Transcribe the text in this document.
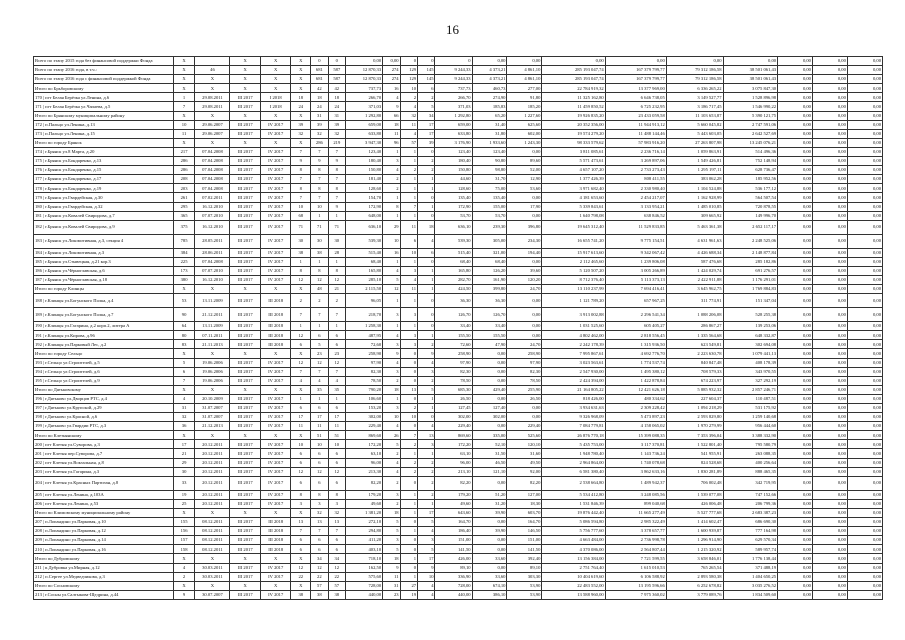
16
Всего по этапу 2015 года без финансовой поддержки Фонда	X		X	X	X	0	0	0,00	0,00	0	0	0	0,00	0,00	0,00	0,00	0,00	0,00	0,00	0,00	0,00
Всего по этапу 2016 года, в т.ч.:	X	46	X	X	X	681	587	12 870,33	274	129	145	9 244,33	4 373,21	4 861,10	285 193 047,74	167 379 799,77	79 312 186,58	38 501 061,43	0,00	0,00	0,00
Всего по этапу 2016 года с финансовой поддержкой Фонда	X	X	X	X	X	681	587	12 870,33	274	129	145	9 244,33	4 373,21	4 861,10	285 193 047,74	167 379 799,77	79 312 186,58	38 501 061,43	0,00	0,00	0,00
Итого по Брьборовскому	X	X	X	X	X	42	42	737,73	16	10	6	737,73	460,73	277,00	22 784 919,32	13 377 969,00	6 336 265,22	3 075 847,30	0,00	0,00	0,00
170 | пгт Белая Берёзка ул.Ленина, д.6	1	29.08.2011	III 2017	I 2018	18	18	18	266,70	4	2	2	266,70	274,90	91,80	11 325 162,80	6 646 738,05	3 149 527,77	1 528 896,98	0,00	0,00	0,00
171 | пгт Белая Берёзка ул.Чапаева, д.5	7	29.08.2011	III 2017	I 2018	24	24	24	371,03	9	4	5	371,03	185,83	185,20	11 459 850,52	6 725 232,95	3 186 717,45	1 546 990,22	0,00	0,00	0,00
Итого по Брянскому муниципальному району	X	X	X	X	X	31	31	1 292,80	66	32	34	1 292,80	65,20	1 227,60	19 926 835,20	23 433 059,58	11 103 653,87	5 390 121,75	0,00	0,00	0,00
172 | п.Пальцо ул.Ленина, д.13	10	29.06.2007	III 2017	IV 2017	39	39	39	659,00	18	11	17	659,00	31,40	625,60	20 352 356,00	11 944 913,12	5 660 045,82	2 747 591,06	0,00	0,00	0,00
173 | п.Пальцо ул.Ленина, д.15	11	29.06.2007	III 2017	IV 2017	32	32	32	633,80	11	4	17	633,80	31,80	602,00	19 574 279,20	11 488 144,46	5 443 603,05	2 642 527,69	0,00	0,00	0,00
Итого по городу Брянск	X	X	X	X	X	286	219	3 947,30	96	57	39	3 176,90	1 933,60	1 243,30	98 333 579,62	57 983 916,20	27 263 807,98	13 245 076,21	0,00	0,00	0,00
174 | г.Брянск ул.8 Марта, д.20	217	07.04.2008	III 2017	IV 2017	7	7	7	123,40	1	1	0	123,40	123,40	0,00	3 811 085,61	2 236 716,14	1 059 863,91	514 496,36	0,00	0,00	0,00
175 | г.Брянск ул.Бондаренко, д.13	286	07.04.2008	III 2017	IV 2017	9	9	9	180,40	3	1	2	180,40	90,80	89,60	5 571 473,61	3 269 897,06	1 549 426,81	752 148,94	0,00	0,00	0,00
176 | г.Брянск ул.Бондаренко, д.15	286	07.04.2008	III 2017	IV 2017	8	8	8	150,80	4	2	2	150,80	98,80	52,00	4 657 107,20	2 733 273,43	1 295 197,11	628 736,47	0,00	0,00	0,00
177 | г.Брянск ул.Бондаренко, д.17	208	07.04.2008	III 2017	IV 2017	7	7	7	181,40	2	1	1	44,60	31,70	12,90	1 377 426,39	808 411,55	383 062,28	185 952,56	0,00	0,00	0,00
178 | г.Брянск ул.Бондаренко, д.19	203	07.04.2008	III 2017	IV 2017	8	8	8	128,60	2	1	1	128,60	75,00	53,60	3 971 682,40	2 330 980,40	1 104 524,88	536 177,12	0,00	0,00	0,00
179 | г.Брянск ул.Гвардейская, д.30	261	07.02.2011	III 2017	IV 2017	7	7	7	154,70	1	1	0	135,40	135,40	0,00	4 181 653,60	2 454 217,07	1 162 928,99	564 507,54	0,00	0,00	0,00
180 | г.Брянск ул.Гвардейская, д.32	295	16.12.2010	III 2017	IV 2017	10	10	9	172,90	8	7	1	172,90	155,00	17,90	5 339 843,61	3 133 954,21	1 485 010,85	720 878,55	0,00	0,00	0,00
181 | г.Брянск ул.Ковалей Свиридова, д.7	365	07.07.2010	III 2017	IV 2017	68	1	1	648,00	1	1	0	53,70	53,70	0,00	1 640 798,08	638 846,52	309 665,92	149 996,70	0,00	0,00	0,00
182 | г.Брянск ул.Ковалей Свиридова, д.9	375	16.12.2010	III 2017	IV 2017	71	71	71	636,10	29	11	18	636,10	239,30	396,80	19 645 312,40	11 529 833,85	5 463 361,38	2 652 117,17	0,00	0,00	0,00
183 | г.Брянск ул.Локомотивная, д.3, секция 4	785	28.05.2011	III 2017	IV 2017	30	30	30	539,30	10	6	4	539,30	305,00	234,30	16 655 741,20	9 775 154,51	4 631 961,63	2 248 525,06	0,00	0,00	0,00
184 | г.Брянск ул.Локомотивная, д.3	384	28.06.2011	III 2017	IV 2017	38	38	28	515,40	16	10	6	515,40	321,00	194,40	15 917 613,60	9 342 067,42	4 426 688,34	2 148 877,84	0,00	0,00	0,00
185 | г.Брянск ул.Стывецкая, д.21 кор.3	225	07.04.2008	III 2017	IV 2017	1	1	1	68,40	1	1	0	68,40	68,40	0,00	2 112 465,60	1 239 806,08	587 476,68	285 182,86	0,00	0,00	0,00
186 | г.Брянск ул.Чёрноглавская, д.6	173	07.07.2010	III 2017	IV 2017	8	8	8	165,80	4	3	1	165,80	126,20	39,60	5 120 507,20	3 005 266,89	1 424 029,74	691 276,57	0,00	0,00	0,00
187 | г.Брянск ул.Чёрноглавская, д.18	380	16.12.2010	III 2017	IV 2017	12	12	12	285,10	5	4	1	282,70	161,90	120,20	8 712 376,40	5 113 373,13	2 422 911,88	1 176 291,01	0,00	0,00	0,00
Итого по городу Клинцы	X	X	X	X	X	48	21	2 115,50	12	11	1	424,50	399,80	24,70	13 110 237,99	7 694 416,41	3 645 962,75	1 769 884,83	0,00	0,00	0,00
188 | г.Клинцы ул.Богунского Полка, д.4	53	13.11.2009	III 2017	III 2018	2	2	2	96,05	1	1	0	36,30	36,30	0,00	1 121 789,20	657 967,25	311 774,91	151 347,04	0,00	0,00	0,00
189 | г.Клинцы ул.Богунского Полка, д.7	90	21.12.2011	III 2017	III 2018	7	7	7	218,70	3	3	0	126,70	126,70	0,00	3 913 002,88	2 296 541,34	1 088 206,08	528 255,38	0,00	0,00	0,00
190 | г.Клинцы ул.Гагарина, д.2 корп.2, литера А	64	13.11.2009	III 2017	III 2018	1	1	1	1 258,30	1	1	0	33,40	33,40	0,00	1 031 525,60	605 405,27	286 867,27	139 253,06	0,00	0,00	0,00
191 | г.Клинцы ул.Кирова, д.96	80	07.11.2011	III 2017	III 2018	12	6	6	487,95	4	3	1	155,50	155,50	0,00	4 802 462,00	2 818 556,45	1 335 564,68	648 332,87	0,00	0,00	0,00
192 | г.Клинцы ул.Парковый Лес, д.2	83	21.11.2013	III 2017	III 2018	6	5	6	72,60	3	3	2	72,60	47,90	24,70	2 242 178,39	1 315 936,50	623 549,81	302 694,08	0,00	0,00	0,00
Итого по городу Сельцо	X	X	X	X	X	23	23	258,90	9	0	9	258,90	0,00	258,90	7 995 867,61	4 692 776,70	2 223 630,78	1 079 441,13	0,00	0,00	0,00
193 | г.Сельцо ул.Строителей, д.5	5	19.06.2006	III 2017	IV 2017	12	12	12	97,90	4	0	4	97,90	0,00	97,90	3 023 563,61	1 774 537,74	840 847,48	408 178,39	0,00	0,00	0,00
194 | г.Сельцо ул.Строителей, д.6	6	19.06.2006	III 2017	IV 2017	7	7	7	82,30	3	0	3	82,30	0,00	82,30	2 547 930,00	1 495 380,12	708 579,33	343 970,55	0,00	0,00	0,00
195 | г.Сельцо ул.Строителей, д.9	7	19.06.2006	III 2017	IV 2017	4	4	4	78,50	2	0	2	78,50	0,00	78,50	2 424 394,00	1 422 878,84	674 223,97	327 292,19	0,00	0,00	0,00
Итого по Дятьковскому	X	X	X	X	X	35	35	790,20	18	13	5	685,30	429,40	255,90	21 164 805,22	12 421 626,18	5 885 932,32	2 857 246,71	0,00	0,00	0,00
196 | г.Дятьково ул.Дворцов РТС, д.4	4	20.10.2009	III 2017	IV 2017	1	1	1	106,60	1	0	1	26,50	0,00	26,50	818 426,00	480 334,62	227 604,37	110 487,51	0,00	0,00	0,00
197 | г.Дятьково ул.Крупской, д.29	31	31.07.2007	III 2017	IV 2017	6	6	6	153,20	3	2	1	127,45	127,40	0,00	3 934 631,63	2 309 228,42	1 094 218,29	531 175,92	0,00	0,00	0,00
198 | г.Дятьково ул.Красной, д.6	32	31.07.2007	III 2017	IV 2017	17	17	17	302,00	10	10	0	302,00	302,00	0,00	9 326 968,09	5 473 897,23	2 593 829,80	1 259 140,68	0,00	0,00	0,00
199 | г.Дятьково ул.Гвардии РТС, д.3	36	21.12.2013	III 2017	IV 2017	11	11	11	229,40	4	0	4	229,40	0,00	229,40	7 084 779,81	4 158 065,02	1 970 279,99	956 444,60	0,00	0,00	0,00
Итого по Клетнянскому	X	X	X	X	X	51	51	869,60	26	7	13	869,60	335,00	525,60	26 876 770,18	15 399 088,35	7 353 396,04	3 388 332,90	0,00	0,00	0,00
200 | пгт Клетня ул.Суворова, д.3	17	20.12.2011	III 2017	IV 2017	10	10	10	172,20	5	2	3	172,20	52,10	120,10	5 435 753,00	3 117 370,81	1 522 801,40	795 580,79	0,00	0,00	0,00
201 | пгт Клетня пер.Суворова, д.7	21	20.12.2011	III 2017	IV 2017	6	6	6	63,10	2	1	1	63,10	31,50	31,60	1 948 780,40	1 143 736,24	541 955,91	263 088,35	0,00	0,00	0,00
202 | пгт Клетня ул.Вокзальная, д.8	29	20.12.2011	III 2017	IV 2017	6	6	6	96,00	4	2	2	96,00	46,50	49,50	2 964 864,00	1 740 078,68	824 528,68	400 256,64	0,00	0,00	0,00
203 | пгт Клетня ул.Гагарина, д.3	30	20.12.2011	III 2017	IV 2017	12	12	12	213,30	4	2	2	213,10	121,10	92,00	6 581 380,40	3 862 633,16	1 830 281,89	888 465,35	0,00	0,00	0,00
204 | пгт Клетня ул.Красных Партизан, д.8	33	20.12.2011	III 2017	IV 2017	6	6	6	82,20	2	0	2	82,20	0,00	82,20	2 538 664,80	1 489 942,37	706 002,48	342 719,95	0,00	0,00	0,00
205 | пгт Клетня ул.Ленина, д.103А	19	20.12.2011	III 2017	IV 2017	8	8	8	179,20	3	1	2	179,20	51,20	127,00	5 534 412,80	3 248 085,56	1 539 077,08	747 152,66	0,00	0,00	0,00
206 | пгт Клетня ул.Ленина, д.53	25	20.12.2011	III 2017	IV 2017	3	3	3	49,60	2	1	1	49,60	31,20	18,30	1 531 846,39	899 040,68	426 006,48	206 799,36	0,00	0,00	0,00
Итого по Климовскому муниципальному району	X	X	X	X	X	32	32	1 381,20	18	1	17	643,60	39,90	603,70	19 876 442,40	11 665 277,49	5 527 777,68	2 683 387,23	0,00	0,00	0,00
207 | п.Лопандино ул.Парковая, д.10	155	08.12.2011	III 2017	III 2018	13	13	13	272,10	5	0	5	164,70	0,00	164,70	5 086 594,80	2 985 322,49	1 414 602,47	686 690,30	0,00	0,00	0,00
208 | п.Лопандино ул.Парковая, д.12	156	08.12.2011	III 2017	III 2018	7	7	7	294,80	5	1	4	186,40	39,90	146,50	5 756 777,60	3 378 657,77	1 600 939,87	777 164,98	0,00	0,00	0,00
209 | п.Лопандино ул.Парковая, д.14	157	08.12.2011	III 2017	III 2018	6	6	6	411,20	3	0	3	151,00	0,00	151,00	4 663 484,00	2 736 998,78	1 296 914,90	629 570,34	0,00	0,00	0,00
210 | п.Лопандино ул.Парковая, д.16	158	08.12.2011	III 2017	III 2018	6	6	6	403,10	5	0	5	141,50	0,00	141,50	4 370 086,00	2 564 807,44	1 215 320,92	589 957,74	0,00	0,00	0,00
Итого по Дубровскому	X	X	X	X	X	34	34	718,10	18	1	17	426,00	33,60	392,40	13 156 384,00	7 721 599,55	3 658 846,01	1 776 138,44	0,00	0,00	0,00
211 | п.Дубровка ул.Мирная, д.12	4	30.03.2011	III 2017	IV 2017	12	12	12	162,50	9	0	9	89,10	0,00	89,10	2 751 764,40	1 615 010,53	765 265,54	371 488,19	0,00	0,00	0,00
212 | п.Сергее ул.Медведчикова, д.3	2	30.03.2011	III 2017	IV 2017	22	22	22	575,60	11	1	10	336,90	33,60	303,30	10 404 619,60	6 106 588,92	2 893 580,38	1 404 650,25	0,00	0,00	0,00
Итого по Сосновскому	X	X	X	X	X	57	57	728,00	31	27	4	728,00	674,10	53,90	22 483 552,00	13 195 596,66	6 252 678,82	3 035 276,52	0,00	0,00	0,00
213 | г.Сосны ул.Салтыкова-Щедрина, д.44	9	30.07.2007	III 2017	IV 2017	38	38	38	440,00	23	19	4	440,00	386,10	53,90	13 588 960,00	7 975 360,02	3 779 089,76	1 834 509,60	0,00	0,00	0,00
